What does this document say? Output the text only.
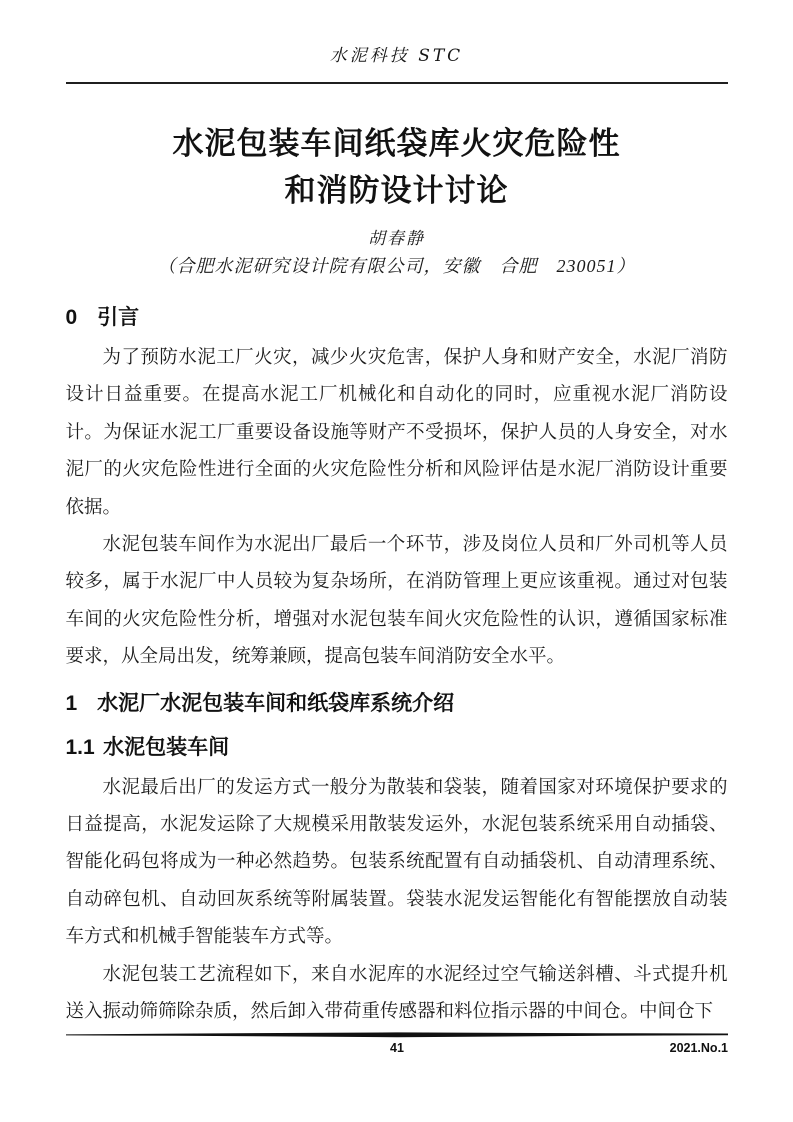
水泥科技 STC
水泥包装车间纸袋库火灾危险性
和消防设计讨论
胡春静
（合肥水泥研究设计院有限公司，安徽　合肥　230051）
0 引言

为了预防水泥工厂火灾，减少火灾危害，保护人身和财产安全，水泥厂消防设计日益重要。在提高水泥工厂机械化和自动化的同时，应重视水泥厂消防设计。为保证水泥工厂重要设备设施等财产不受损坏，保护人员的人身安全，对水泥厂的火灾危险性进行全面的火灾危险性分析和风险评估是水泥厂消防设计重要依据。

水泥包装车间作为水泥出厂最后一个环节，涉及岗位人员和厂外司机等人员较多，属于水泥厂中人员较为复杂场所，在消防管理上更应该重视。通过对包装车间的火灾危险性分析，增强对水泥包装车间火灾危险性的认识，遵循国家标准要求，从全局出发，统筹兼顾，提高包装车间消防安全水平。

1 水泥厂水泥包装车间和纸袋库系统介绍
1.1 水泥包装车间

水泥最后出厂的发运方式一般分为散装和袋装，随着国家对环境保护要求的日益提高，水泥发运除了大规模采用散装发运外，水泥包装系统采用自动插袋、智能化码包将成为一种必然趋势。包装系统配置有自动插袋机、自动清理系统、自动碎包机、自动回灰系统等附属装置。袋装水泥发运智能化有智能摆放自动装车方式和机械手智能装车方式等。

水泥包装工艺流程如下，来自水泥库的水泥经过空气输送斜槽、斗式提升机送入振动筛筛除杂质，然后卸入带荷重传感器和料位指示器的中间仓。中间仓下

41	2021.No.1
